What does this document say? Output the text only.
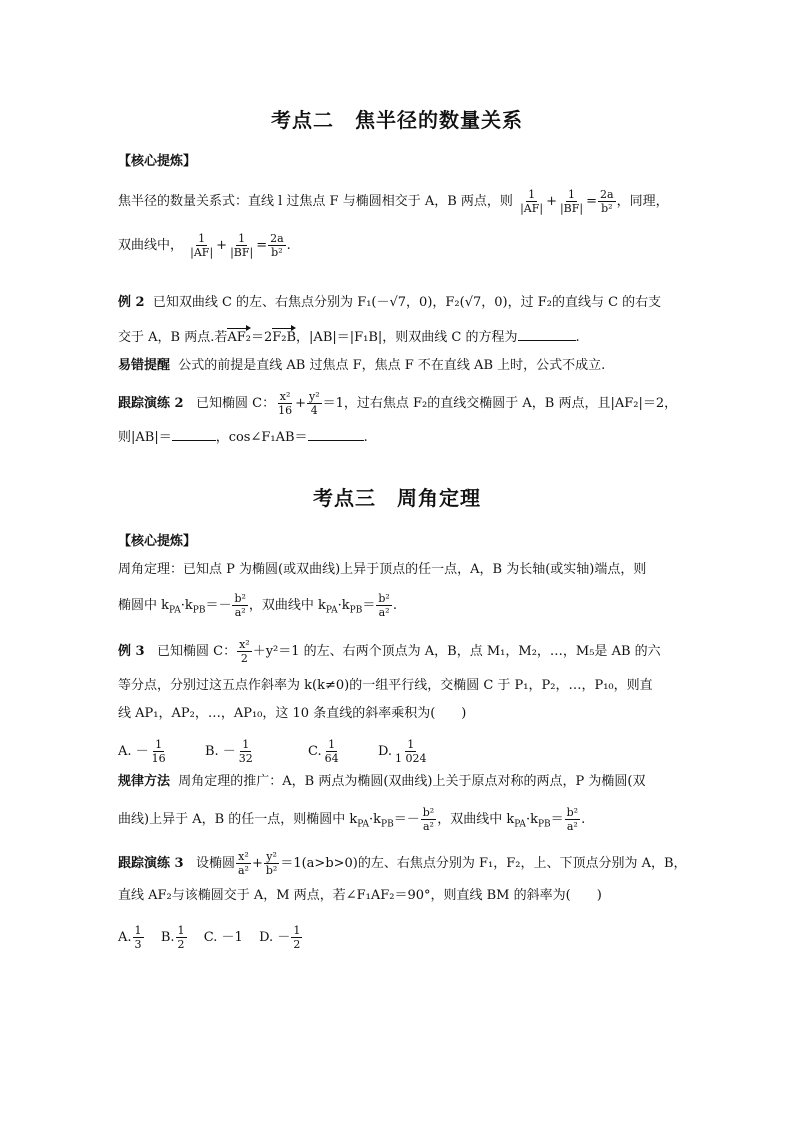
考点二　焦半径的数量关系
【核心提炼】
焦半径的数量关系式：直线 l 过焦点 F 与椭圆相交于 A，B 两点，则 $\frac{1}{|AF|} + \frac{1}{|BF|} = \frac{2a}{\text{b²}}$ ，同理，
双曲线中， $\frac{1}{|AF|} + \frac{1}{|BF|} = \frac{2a}{\text{b²}}$ .
例 2 已知双曲线 C 的左、右焦点分别为 F₁(－√7，0)，F₂(√7，0)，过 F₂的直线与 C 的右支
交于 A，B 两点.若AF₂＝2F₂B，|AB|＝|F₁B|，则双曲线 C 的方程为	.
易错提醒 公式的前提是直线 AB 过焦点 F，焦点 F 不在直线 AB 上时，公式不成立.
跟踪演练 2 已知椭圆 C： $\frac{\text{x²}}{16} + \frac{\text{y²}}{4} =1$，过右焦点 F₂的直线交椭圆于 A，B 两点，且|AF₂|＝2，
则|AB|＝	，cos∠F₁AB＝	.
考点三　周角定理
【核心提炼】
周角定理：已知点 P 为椭圆(或双曲线)上异于顶点的任一点，A，B 为长轴(或实轴)端点，则
椭圆中 $k_{PA}\cdot k_{PB}=- \frac{\text{b²}}{\text{a²}}$ ，双曲线中 $k_{PA}\cdot k_{PB}= \frac{\text{b²}}{\text{a²}}$ .
例 3 已知椭圆 C： $\frac{\text{x²}}{2} +y^2=1$ 的左、右两个顶点为 A，B，点 M₁，M₂，…，M₅是 AB 的六
等分点，分别过这五点作斜率为 k(k≠0)的一组平行线，交椭圆 C 于 P₁，P₂，…，P₁₀，则直
线 AP₁，AP₂，…，AP₁₀，这 10 条直线的斜率乘积为(　　)
A. － $\frac{1}{16}$	B. － $\frac{1}{32}$	C. $\frac{1}{64}$	D. $\frac{1}{1 024}$
规律方法 周角定理的推广：A，B 两点为椭圆(双曲线)上关于原点对称的两点，P 为椭圆(双
曲线)上异于 A，B 的任一点，则椭圆中 $k_{PA}\cdot k_{PB}=- \frac{\text{b²}}{\text{a²}}$ ，双曲线中 $k_{PA}\cdot k_{PB}= \frac{\text{b²}}{\text{a²}}$ .
跟踪演练 3 设椭圆 $\frac{\text{x²}}{\text{a²}} + \frac{\text{y²}}{\text{b²}} =1(a>b>0)$的左、右焦点分别为 F₁，F₂，上、下顶点分别为 A，B，
直线 AF₂与该椭圆交于 A，M 两点，若∠F₁AF₂＝90°，则直线 BM 的斜率为(　　)
A. $\frac{1}{3} B$. $\frac{1}{2} C$. －1 D. － $\frac{1}{2}$
